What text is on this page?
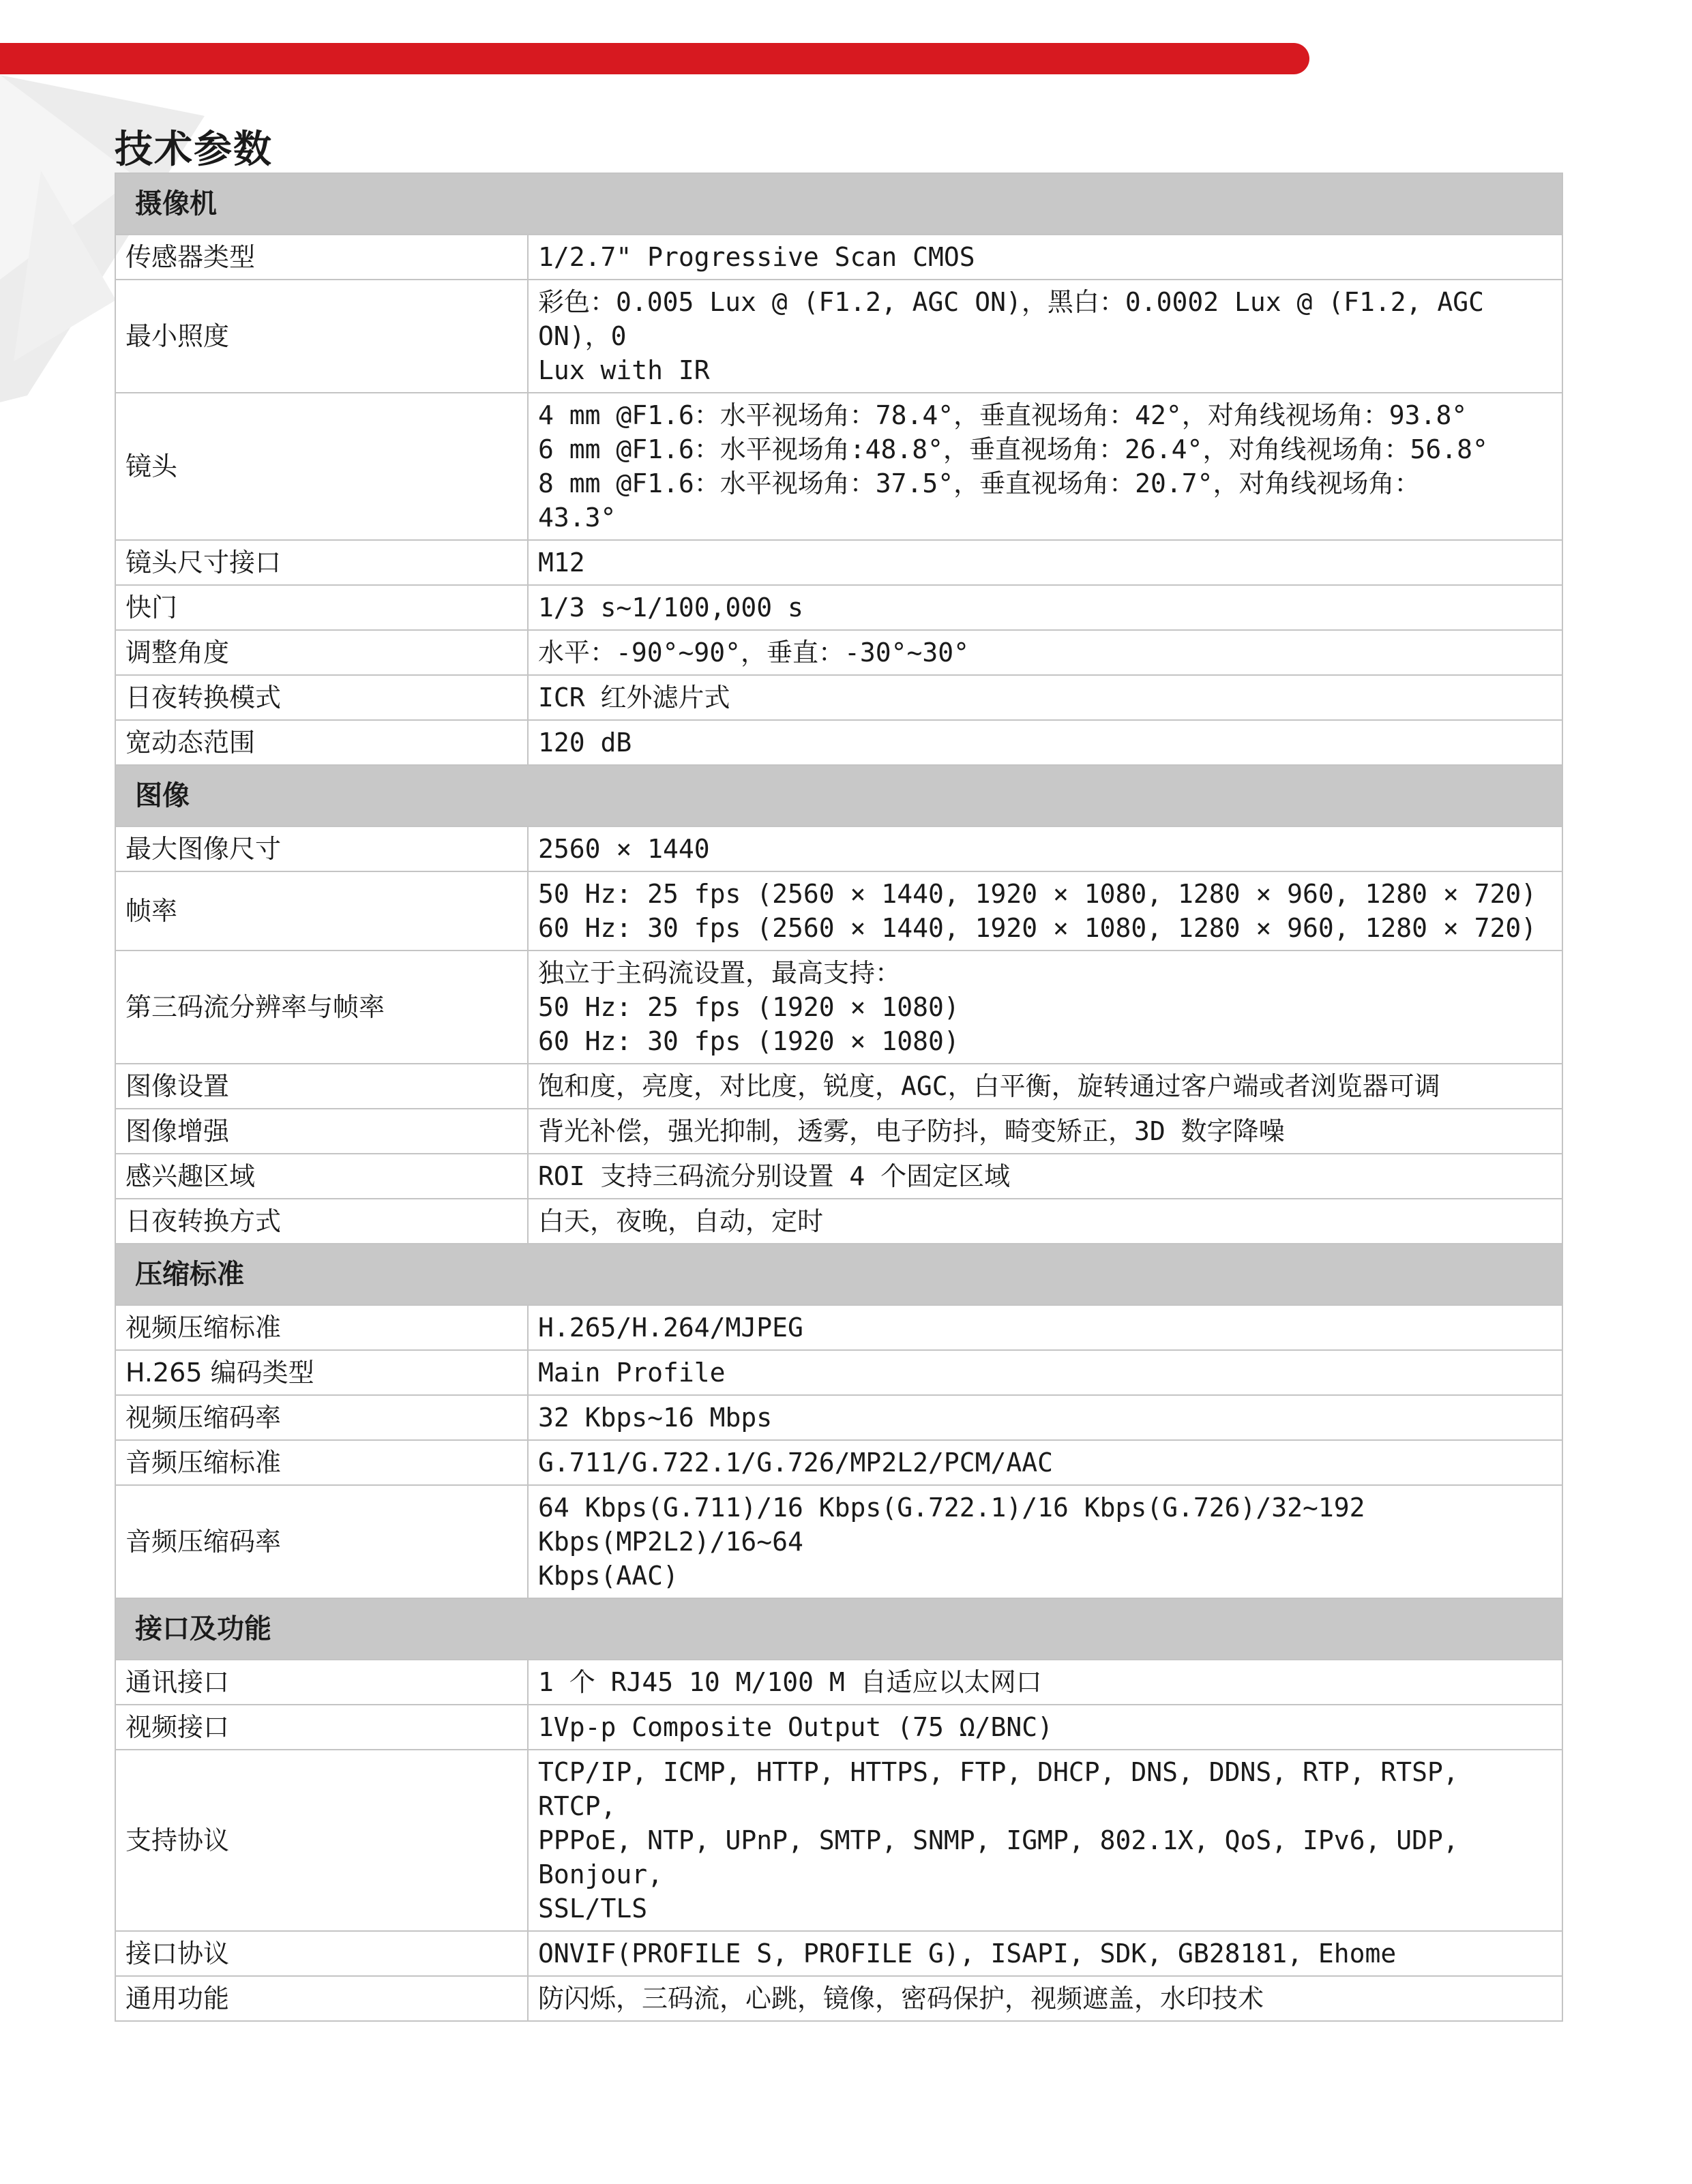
技术参数
摄像机	
传感器类型	1/2.7" Progressive Scan CMOS
最小照度	彩色：0.005 Lux @ (F1.2, AGC ON)，黑白：0.0002 Lux @ (F1.2, AGC ON)，0
Lux with IR
镜头	4 mm @F1.6：水平视场角：78.4°，垂直视场角：42°，对角线视场角：93.8°
6 mm @F1.6：水平视场角:48.8°，垂直视场角：26.4°，对角线视场角：56.8°
8 mm @F1.6：水平视场角：37.5°，垂直视场角：20.7°，对角线视场角：
43.3°
镜头尺寸接口	M12
快门	1/3 s~1/100,000 s
调整角度	水平：-90°~90°，垂直：-30°~30°
日夜转换模式	ICR 红外滤片式
宽动态范围	120 dB
图像	
最大图像尺寸	2560 × 1440
帧率	50 Hz: 25 fps (2560 × 1440, 1920 × 1080, 1280 × 960, 1280 × 720)
60 Hz: 30 fps (2560 × 1440, 1920 × 1080, 1280 × 960, 1280 × 720)
第三码流分辨率与帧率	独立于主码流设置，最高支持：
50 Hz: 25 fps (1920 × 1080)
60 Hz: 30 fps (1920 × 1080)
图像设置	饱和度，亮度，对比度，锐度，AGC，白平衡，旋转通过客户端或者浏览器可调
图像增强	背光补偿，强光抑制，透雾，电子防抖，畸变矫正，3D 数字降噪
感兴趣区域	ROI 支持三码流分别设置 4 个固定区域
日夜转换方式	白天，夜晚，自动，定时
压缩标准	
视频压缩标准	H.265/H.264/MJPEG
H.265 编码类型	Main Profile
视频压缩码率	32 Kbps~16 Mbps
音频压缩标准	G.711/G.722.1/G.726/MP2L2/PCM/AAC
音频压缩码率	64 Kbps(G.711)/16 Kbps(G.722.1)/16 Kbps(G.726)/32~192 Kbps(MP2L2)/16~64
Kbps(AAC)
接口及功能	
通讯接口	1 个 RJ45 10 M/100 M 自适应以太网口
视频接口	1Vp-p Composite Output (75 Ω/BNC)
支持协议	TCP/IP, ICMP, HTTP, HTTPS, FTP, DHCP, DNS, DDNS, RTP, RTSP, RTCP,
PPPoE, NTP, UPnP, SMTP, SNMP, IGMP, 802.1X, QoS, IPv6, UDP, Bonjour,
SSL/TLS
接口协议	ONVIF(PROFILE S, PROFILE G), ISAPI, SDK, GB28181, Ehome
通用功能	防闪烁，三码流，心跳，镜像，密码保护，视频遮盖，水印技术
